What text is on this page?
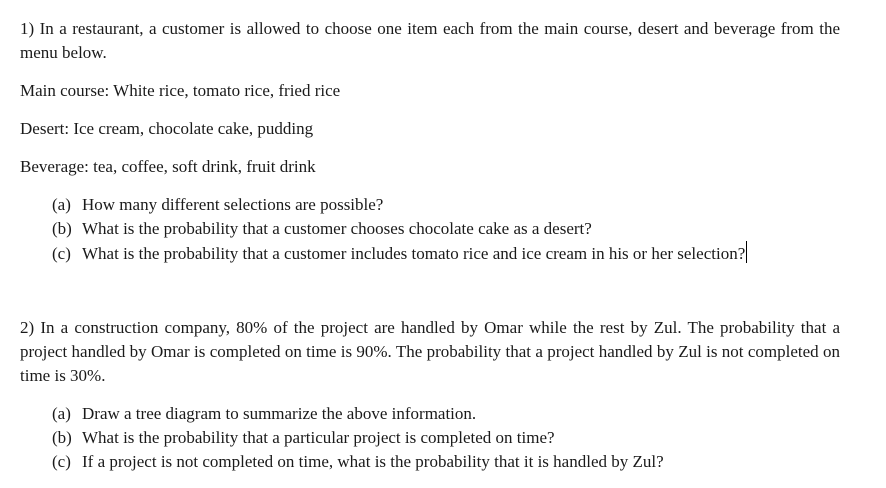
1) In a restaurant, a customer is allowed to choose one item each from the main course, desert and beverage from the menu below.
Main course: White rice, tomato rice, fried rice
Desert: Ice cream, chocolate cake, pudding
Beverage: tea, coffee, soft drink, fruit drink
(a) How many different selections are possible?
(b) What is the probability that a customer chooses chocolate cake as a desert?
(c) What is the probability that a customer includes tomato rice and ice cream in his or her selection?
2) In a construction company, 80% of the project are handled by Omar while the rest by Zul. The probability that a project handled by Omar is completed on time is 90%. The probability that a project handled by Zul is not completed on time is 30%.
(a) Draw a tree diagram to summarize the above information.
(b) What is the probability that a particular project is completed on time?
(c) If a project is not completed on time, what is the probability that it is handled by Zul?
